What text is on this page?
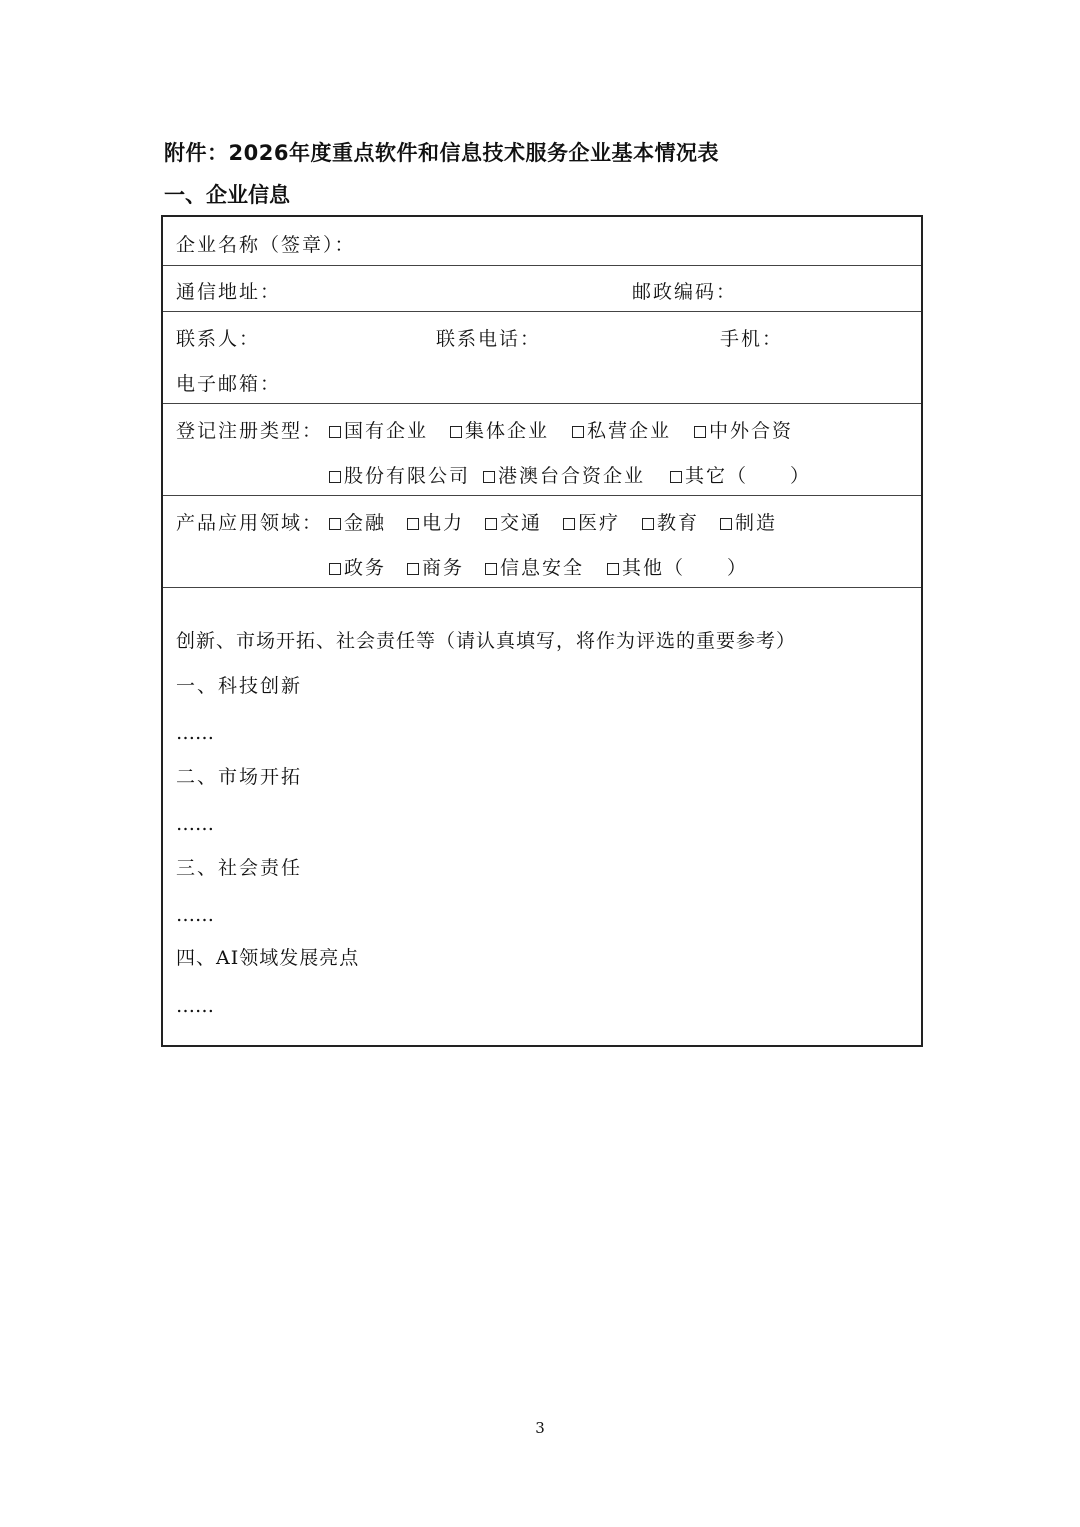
附件：2026年度重点软件和信息技术服务企业基本情况表
一、企业信息
企业名称（签章）：
通信地址：	邮政编码：
联系人：	联系电话：	手机：
电子邮箱：
登记注册类型：	国有企业	集体企业	私营企业	中外合资
股份有限公司	港澳台合资企业	其它（　　）
产品应用领域：	金融	电力	交通	医疗	教育	制造
政务	商务	信息安全	其他（　　）
创新、市场开拓、社会责任等（请认真填写，将作为评选的重要参考）
一、科技创新
……
二、市场开拓
……
三、社会责任
……
四、AI领域发展亮点
……
3
